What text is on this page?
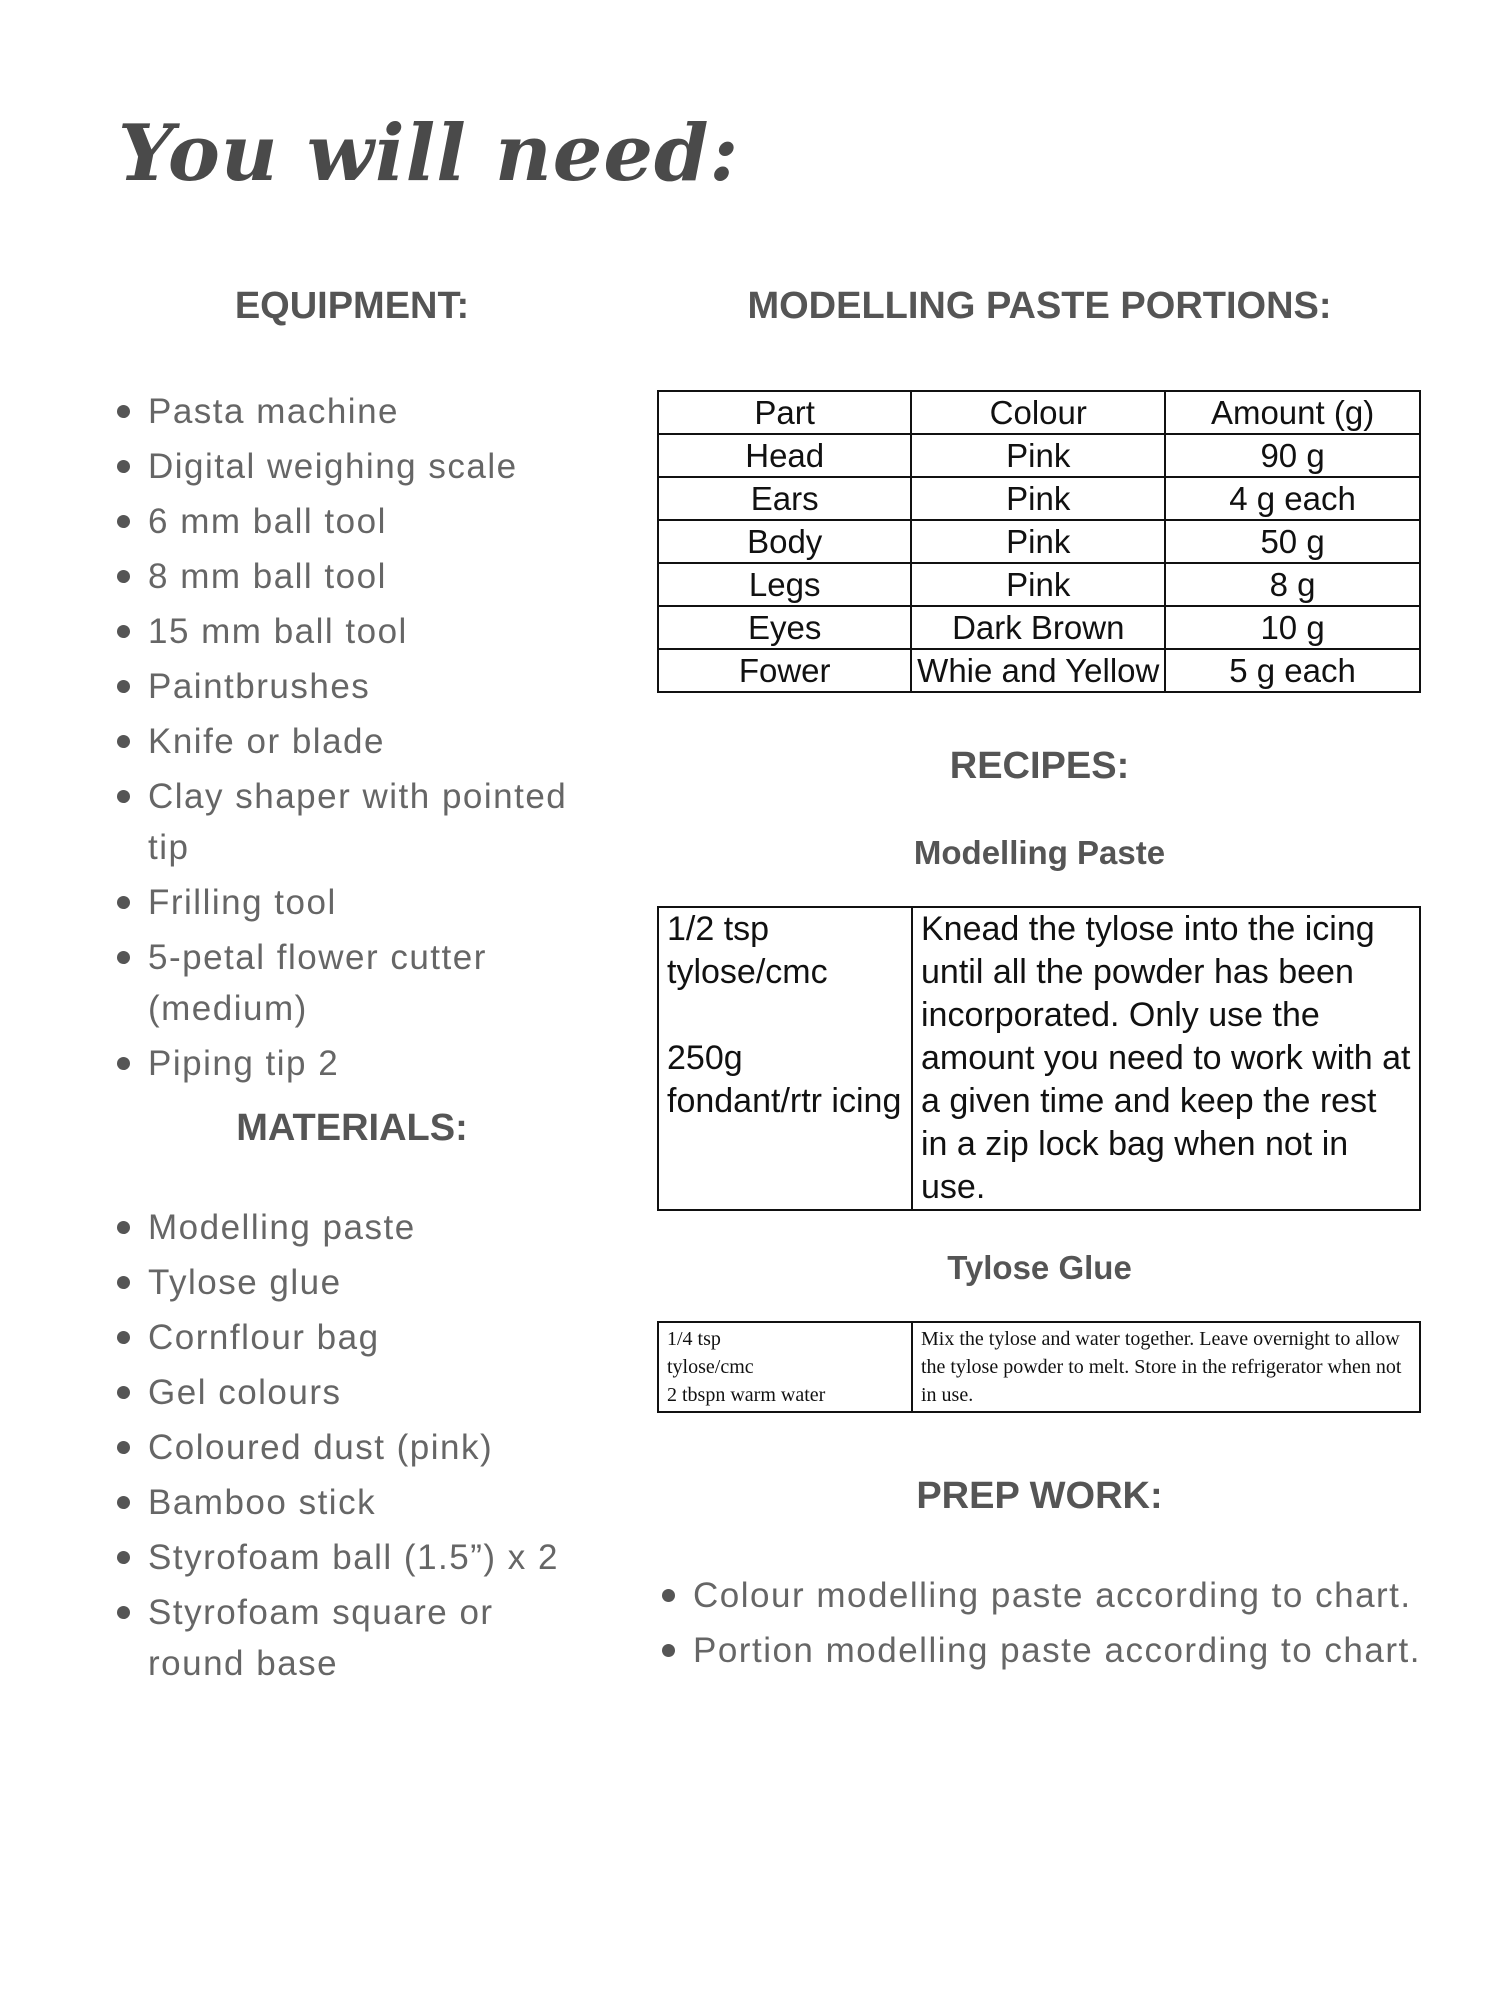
You will need:
EQUIPMENT:
Pasta machine
Digital weighing scale
6 mm ball tool
8 mm ball tool
15 mm ball tool
Paintbrushes
Knife or blade
Clay shaper with pointed tip
Frilling tool
5-petal flower cutter (medium)
Piping tip 2
MATERIALS:
Modelling paste
Tylose glue
Cornflour bag
Gel colours
Coloured dust (pink)
Bamboo stick
Styrofoam ball (1.5”) x 2
Styrofoam square or round base
MODELLING PASTE PORTIONS:
Part	Colour	Amount (g)
Head	Pink	90 g
Ears	Pink	4 g each
Body	Pink	50 g
Legs	Pink	8 g
Eyes	Dark Brown	10 g
Fower	Whie and Yellow	5 g each
RECIPES:
Modelling Paste
1/2 tsp tylose/cmc

250g fondant/rtr icing	Knead the tylose into the icing until all the powder has been incorporated. Only use the amount you need to work with at a given time and keep the rest in a zip lock bag when not in use.
Tylose Glue
1/4 tsp
tylose/cmc
2 tbspn warm water	Mix the tylose and water together. Leave overnight to allow the tylose powder to melt. Store in the refrigerator when not in use.
PREP WORK:
Colour modelling paste according to chart.
Portion modelling paste according to chart.
